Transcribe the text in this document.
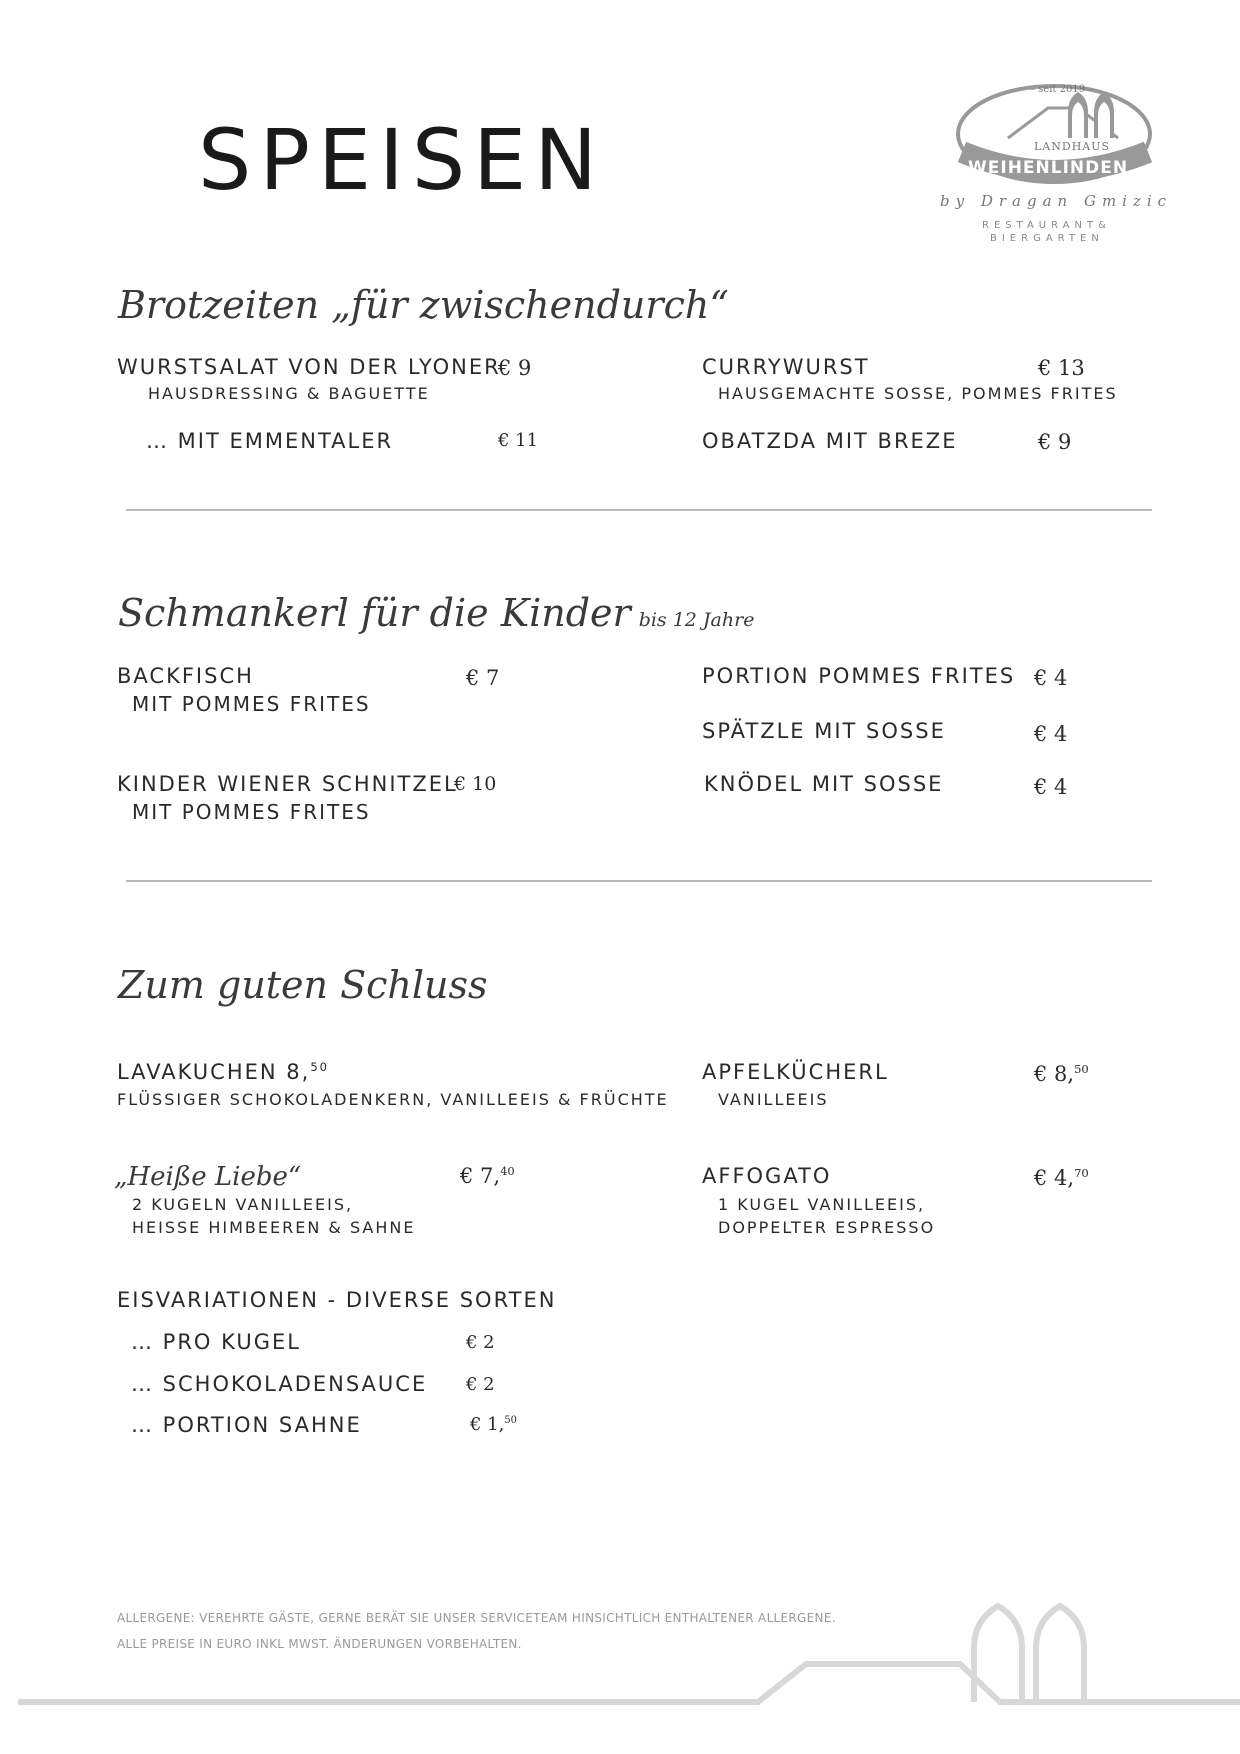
SPEISEN
– seit 2019 –
LANDHAUS
WEIHENLINDEN
by Dragan Gmizic
RESTAURANT&
BIERGARTEN
Brotzeiten „für zwischendurch“
WURSTSALAT VON DER LYONER
€ 9
HAUSDRESSING & BAGUETTE
… MIT EMMENTALER	€ 11
CURRYWURST	€ 13
HAUSGEMACHTE SOSSE, POMMES FRITES
OBATZDA MIT BREZE	€ 9
Schmankerl für die Kinder bis 12 Jahre
BACKFISCH	€ 7
MIT POMMES FRITES
KINDER WIENER SCHNITZEL
€ 10
MIT POMMES FRITES
PORTION POMMES FRITES € 4
SPÄTZLE MIT SOSSE	€ 4
KNÖDEL MIT SOSSE	€ 4
Zum guten Schluss
LAVAKUCHEN 8,50
FLÜSSIGER SCHOKOLADENKERN, VANILLEEIS & FRÜCHTE
„Heiße Liebe“	€ 7,40
2 KUGELN VANILLEEIS,
HEISSE HIMBEEREN & SAHNE
APFELKÜCHERL	€ 8,50
VANILLEEIS
AFFOGATO	€ 4,70
1 KUGEL VANILLEEIS,
DOPPELTER ESPRESSO
EISVARIATIONEN - DIVERSE SORTEN
… PRO KUGEL	€ 2
… SCHOKOLADENSAUCE € 2
… PORTION SAHNE	€ 1,50
ALLERGENE: VEREHRTE GÄSTE, GERNE BERÄT SIE UNSER SERVICETEAM HINSICHTLICH ENTHALTENER ALLERGENE.
ALLE PREISE IN EURO INKL MWST. ÄNDERUNGEN VORBEHALTEN.
